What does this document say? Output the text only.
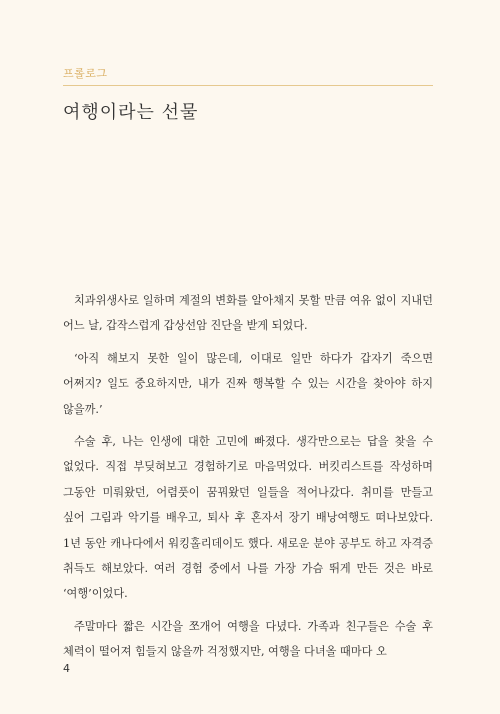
프롤로그
여행이라는 선물

치과위생사로 일하며 계절의 변화를 알아채지 못할 만큼 여유 없이 지내던 어느 날, 갑작스럽게 갑상선암 진단을 받게 되었다.

‘아직 해보지 못한 일이 많은데, 이대로 일만 하다가 갑자기 죽으면 어쩌지? 일도 중요하지만, 내가 진짜 행복할 수 있는 시간을 찾아야 하지 않을까.’

수술 후, 나는 인생에 대한 고민에 빠졌다. 생각만으로는 답을 찾을 수 없었다. 직접 부딪혀보고 경험하기로 마음먹었다. 버킷리스트를 작성하며 그동안 미뤄왔던, 어렴풋이 꿈꿔왔던 일들을 적어나갔다. 취미를 만들고 싶어 그림과 악기를 배우고, 퇴사 후 혼자서 장기 배낭여행도 떠나보았다. 1년 동안 캐나다에서 워킹홀리데이도 했다. 새로운 분야 공부도 하고 자격증 취득도 해보았다. 여러 경험 중에서 나를 가장 가슴 뛰게 만든 것은 바로 ‘여행’이었다.

주말마다 짧은 시간을 쪼개어 여행을 다녔다. 가족과 친구들은 수술 후 체력이 떨어져 힘들지 않을까 걱정했지만, 여행을 다녀올 때마다 오

4
